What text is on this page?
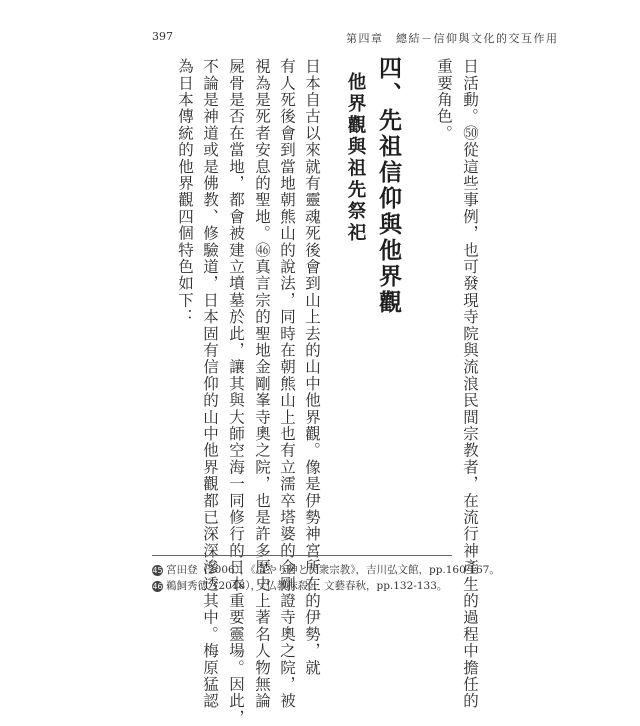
397	第四章　總結－信仰與文化的交互作用
日活動。㊿從這些事例，也可發現寺院與流浪民間宗教者，在流行神產生的過程中擔任的
重要角色。
四、先祖信仰與他界觀
他界觀與祖先祭祀
日本自古以來就有靈魂死後會到山上去的山中他界觀。像是伊勢神宮所在的伊勢，就
有人死後會到當地朝熊山的說法，同時在朝熊山上也有立濡卒塔婆的金剛證寺奧之院，被
視為是死者安息的聖地。㊻真言宗的聖地金剛峯寺奧之院，也是許多歷史上著名人物無論
屍骨是否在當地，都會被建立墳墓於此，讓其與大師空海一同修行的日本重要靈場。因此，
不論是神道或是佛教、修驗道，日本固有信仰的山中他界觀都已深深滲透其中。梅原猛認
為日本傳統的他界觀四個特色如下：
45 宮田登（2006），《はやり神と民衆宗教》，吉川弘文館，pp.160-167。
46 鵜飼秀德（2018），《仏教抹殺》，文藝春秋，pp.132-133。
